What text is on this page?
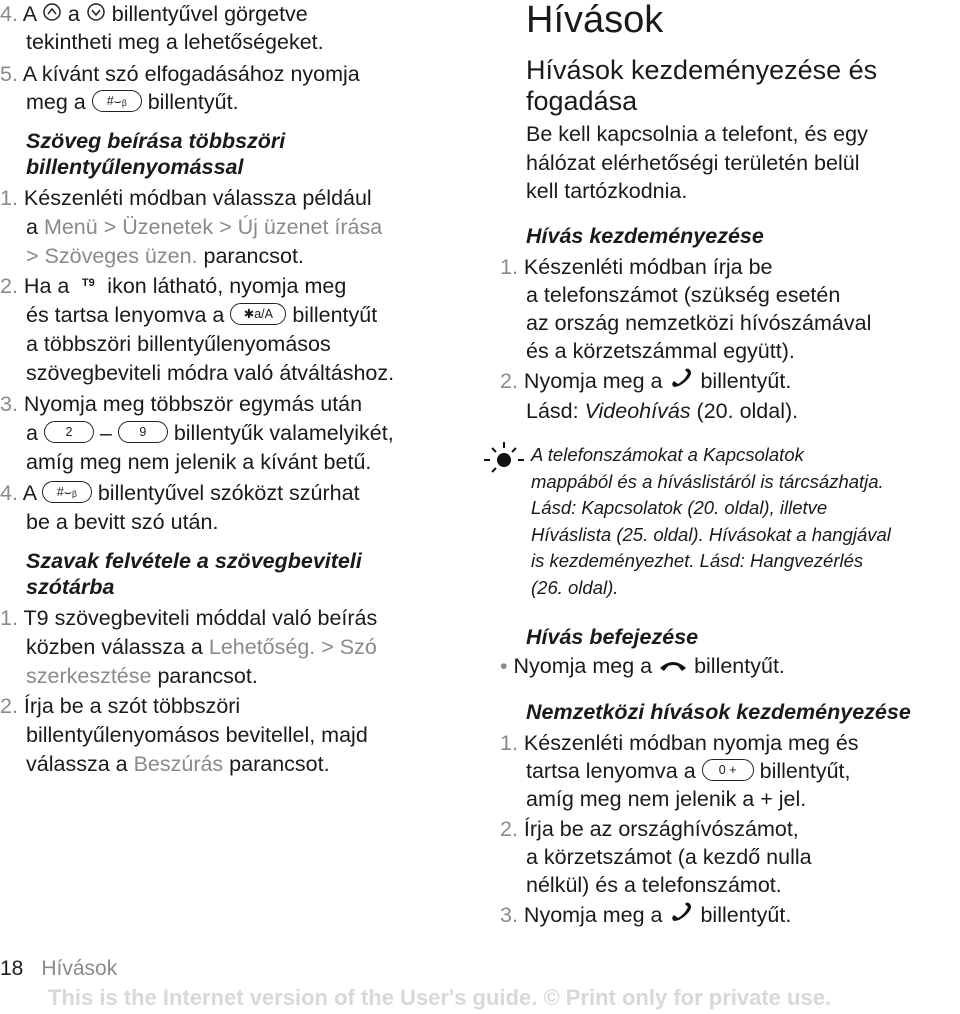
4. A  a  billentyűvel görgetve
tekintheti meg a lehetőségeket.
5. A kívánt szó elfogadásához nyomja
meg a #⌣ᵦ billentyűt.
Szöveg beírása többszöri
billentyűlenyomással
1. Készenléti módban válassza például
a Menü > Üzenetek > Új üzenet írása
> Szöveges üzen. parancsot.
2. Ha a T9 ikon látható, nyomja meg
és tartsa lenyomva a ✱a/A billentyűt
a többszöri billentyűlenyomásos
szövegbeviteli módra való átváltáshoz.
3. Nyomja meg többször egymás után
a 2 – 9 billentyűk valamelyikét,
amíg meg nem jelenik a kívánt betű.
4. A #⌣ᵦ billentyűvel szóközt szúrhat
be a bevitt szó után.
Szavak felvétele a szövegbeviteli
szótárba
1. T9 szövegbeviteli móddal való beírás
közben válassza a Lehetőség. > Szó
szerkesztése parancsot.
2. Írja be a szót többszöri
billentyűlenyomásos bevitellel, majd
válassza a Beszúrás parancsot.
Hívások
Hívások kezdeményezése és
fogadása
Be kell kapcsolnia a telefont, és egy
hálózat elérhetőségi területén belül
kell tartózkodnia.
Hívás kezdeményezése
1. Készenléti módban írja be
a telefonszámot (szükség esetén
az ország nemzetközi hívószámával
és a körzetszámmal együtt).
2. Nyomja meg a  billentyűt.
Lásd: Videohívás (20. oldal).
A telefonszámokat a Kapcsolatok
mappából és a híváslistáról is tárcsázhatja.
Lásd: Kapcsolatok (20. oldal), illetve
Híváslista (25. oldal). Hívásokat a hangjával
is kezdeményezhet. Lásd: Hangvezérlés
(26. oldal).
Hívás befejezése
• Nyomja meg a  billentyűt.
Nemzetközi hívások kezdeményezése
1. Készenléti módban nyomja meg és
tartsa lenyomva a 0 + billentyűt,
amíg meg nem jelenik a + jel.
2. Írja be az országhívószámot,
a körzetszámot (a kezdő nulla
nélkül) és a telefonszámot.
3. Nyomja meg a  billentyűt.
18 Hívások
This is the Internet version of the User's guide. © Print only for private use.
